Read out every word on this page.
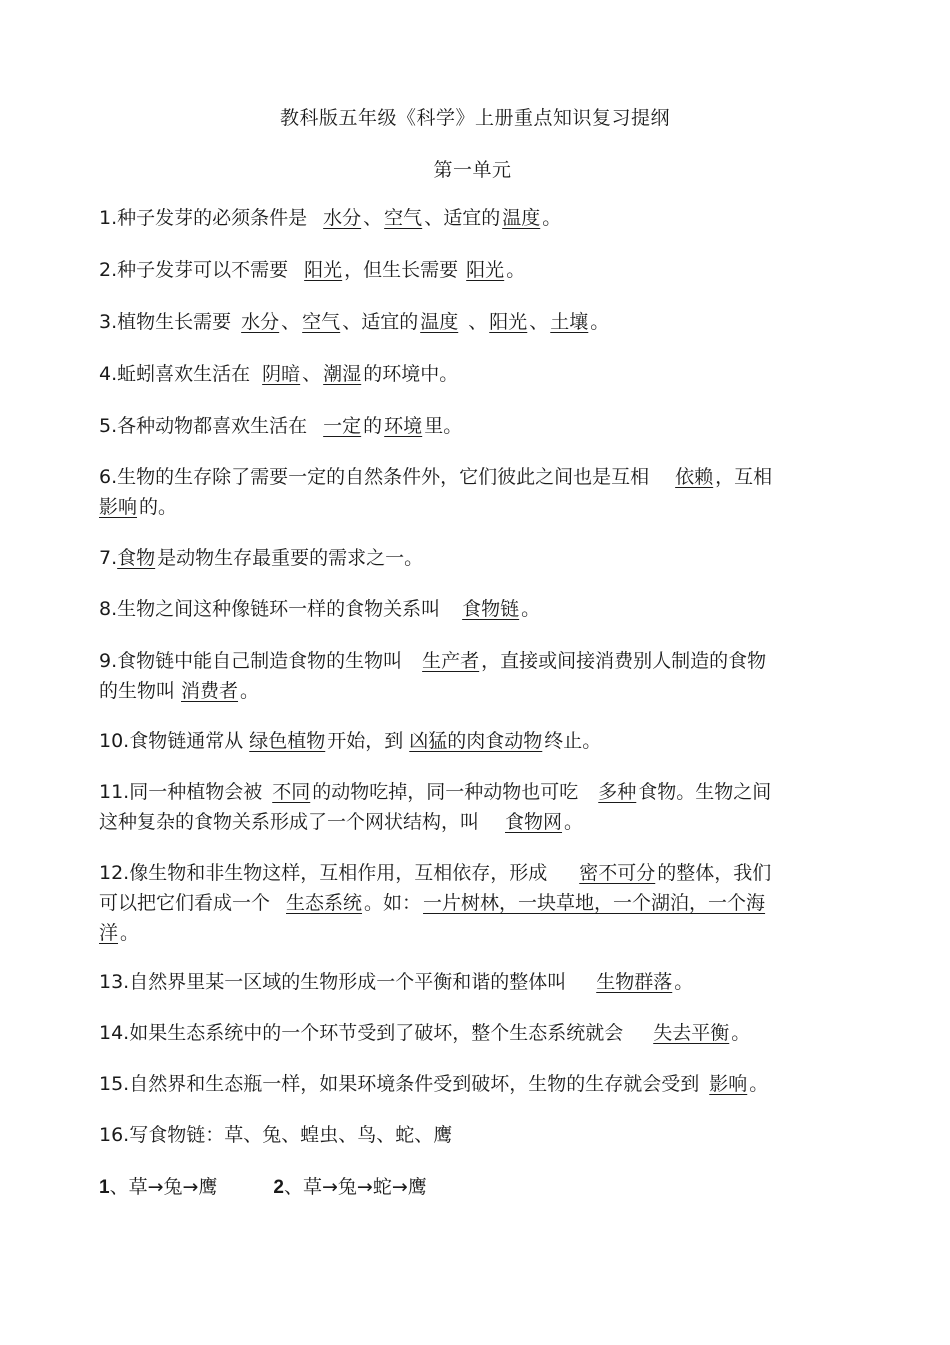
教科版五年级《科学》上册重点知识复习提纲
第一单元
1.种子发芽的必须条件是 水分 、 空气 、适宜的 温度 。
2.种子发芽可以不需要 阳光 ，但生长需要 阳光 。
3.植物生长需要 水分 、 空气 、适宜的 温度 、 阳光 、 土壤 。
4.蚯蚓喜欢生活在 阴暗 、 潮湿 的环境中。
5.各种动物都喜欢生活在 一定 的 环境 里。
6.生物的生存除了需要一定的自然条件外，它们彼此之间也是互相 依赖 ，互相
影响 的。
7.食物 是动物生存最重要的需求之一。
8.生物之间这种像链环一样的食物关系叫 食物链 。
9.食物链中能自己制造食物的生物叫 生产者 ，直接或间接消费别人制造的食物
的生物叫 消费者 。
10.食物链通常从 绿色植物 开始，到 凶猛的肉食动物 终止。
11.同一种植物会被 不同 的动物吃掉，同一种动物也可吃 多种 食物。生物之间
这种复杂的食物关系形成了一个网状结构，叫 食物网 。
12.像生物和非生物这样，互相作用，互相依存，形成 密不可分 的整体，我们
可以把它们看成一个 生态系统 。如： 一片树林，一块草地，一个湖泊，一个海
洋 。
13.自然界里某一区域的生物形成一个平衡和谐的整体叫 生物群落 。
14.如果生态系统中的一个环节受到了破坏，整个生态系统就会 失去平衡 。
15.自然界和生态瓶一样，如果环境条件受到破坏，生物的生存就会受到 影响 。
16.写食物链：草、兔、蝗虫、鸟、蛇、鹰
1、草→兔→鹰	2、草→兔→蛇→鹰
